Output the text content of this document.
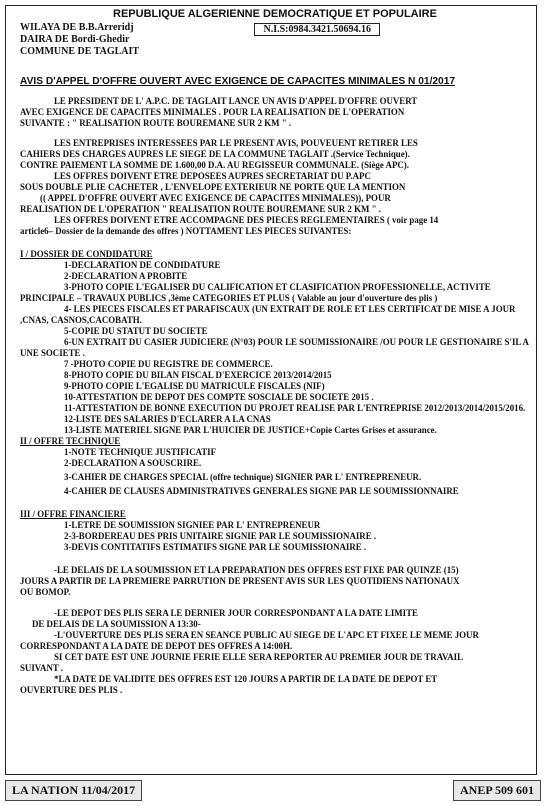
REPUBLIQUE ALGERIENNE DEMOCRATIQUE ET POPULAIRE
WILAYA DE B.B.Arreridj
DAIRA DE Bordi-Ghedir
COMMUNE DE TAGLAIT
N.I.S:0984.3421.50694.16
AVIS D'APPEL D'OFFRE OUVERT AVEC EXIGENCE DE CAPACITES MINIMALES N 01/2017

LE PRESIDENT DE L' A.P.C. DE TAGLAIT LANCE UN AVIS D'APPEL D'OFFRE OUVERT

AVEC EXIGENCE DE CAPACITES MINIMALES . POUR LA REALISATION DE L'OPERATION

SUIVANTE : " REALISATION ROUTE BOUREMANE SUR 2 KM " .

LES ENTREPRISES INTERESSEES PAR LE PRESENT AVIS, POUVEUENT RETIRER LES

CAHIERS DES CHARGES AUPRES LE SIEGE DE LA COMMUNE TAGLAIT .(Service Technique).

CONTRE PAIEMENT LA SOMME DE 1.600,00 D.A. AU REGISSEUR COMMUNALE. (Siège APC).

LES OFFRES DOIVENT ETRE DEPOSEES AUPRES SECRETARIAT DU P.APC

SOUS DOUBLE PLIE CACHETER , L'ENVELOPE EXTERIEUR NE PORTE QUE LA MENTION

(( APPEL D'OFFRE OUVERT AVEC EXIGENCE DE CAPACITES MINIMALES)), POUR

REALISATION DE L'OPERATION " REALISATION ROUTE BOUREMANE SUR 2 KM " .

LES OFFRES DOIVENT ETRE ACCOMPAGNE DES PIECES REGLEMENTAIRES ( voir page 14

article6– Dossier de la demande des offres ) NOTTAMENT LES PIECES SUIVANTES:

I / DOSSIER DE CONDIDATURE
1-DECLARATION DE CONDIDATURE
2-DECLARATION A PROBITE
3-PHOTO COPIE L'EGALISER DU CALIFICATION ET CLASIFICATION PROFESSIONELLE, ACTIVITE PRINCIPALE – TRAVAUX PUBLICS ,3ème CATEGORIES ET PLUS ( Valable au jour d'ouverture des plis )
4- LES PIECES FISCALES ET PARAFISCAUX (UN EXTRAIT DE ROLE ET LES CERTIFICAT DE MISE A JOUR ,CNAS, CASNOS,CACOBATH.
5-COPIE DU STATUT DU SOCIETE
6-UN EXTRAIT DU CASIER JUDICIERE (N°03) POUR LE SOUMISSIONAIRE /OU POUR LE GESTIONAIRE S'IL A UNE SOCIETE .
7 -PHOTO COPIE DU REGISTRE DE COMMERCE.
8-PHOTO COPIE DU BILAN FISCAL D'EXERCICE 2013/2014/2015
9-PHOTO COPIE L'EGALISE DU MATRICULE FISCALES (NIF)
10-ATTESTATION DE DEPOT DES COMPTE SOSCIALE DE SOCIETE 2015 .
11-ATTESTATION DE BONNE EXECUTION DU PROJET REALISE PAR L'ENTREPRISE 2012/2013/2014/2015/2016.
12-LISTE DES SALARIES D'ECLARER A LA CNAS
13-LISTE MATERIEL SIGNE PAR L'HUICIER DE JUSTICE+Copie Cartes Grises et assurance.
II / OFFRE TECHNIQUE
1-NOTE TECHNIQUE JUSTIFICATIF
2-DECLARATION A SOUSCRIRE.
3-CAHIER DE CHARGES SPECIAL (offre technique) SIGNIER PAR L' ENTREPRENEUR.
4-CAHIER DE CLAUSES ADMINISTRATIVES GENERALES SIGNE PAR LE SOUMISSIONNAIRE
III / OFFRE FINANCIERE
1-LETRE DE SOUMISSION SIGNIEE PAR L' ENTREPRENEUR
2-3-BORDEREAU DES PRIS UNITAIRE SIGNIE PAR LE SOUMISSIONAIRE .
3-DEVIS CONTITATIFS ESTIMATIFS SIGNE PAR LE SOUMISSIONAIRE .

-LE DELAIS DE LA SOUMISSION ET LA PREPARATION DES OFFRES EST FIXE PAR QUINZE (15)

JOURS A PARTIR DE LA PREMIERE PARRUTION DE PRESENT AVIS SUR LES QUOTIDIENS NATIONAUX

OU BOMOP.

-LE DEPOT DES PLIS SERA LE DERNIER JOUR CORRESPONDANT A LA DATE LIMITE

DE DELAIS DE LA SOUMISSION A 13:30-

-L'OUVERTURE DES PLIS SERA EN SEANCE PUBLIC AU SIEGE DE L'APC ET FIXEE LE MEME JOUR

CORRESPONDANT A LA DATE DE DEPOT DES OFFRES A 14:00H.

SI CET DATE EST UNE JOURNIE FERIE ELLE SERA REPORTER AU PREMIER JOUR DE TRAVAIL

SUIVANT .

*LA DATE DE VALIDITE DES OFFRES EST 120 JOURS A PARTIR DE LA DATE DE DEPOT ET

OUVERTURE DES PLIS .

LA NATION 11/04/2017	ANEP 509 601
